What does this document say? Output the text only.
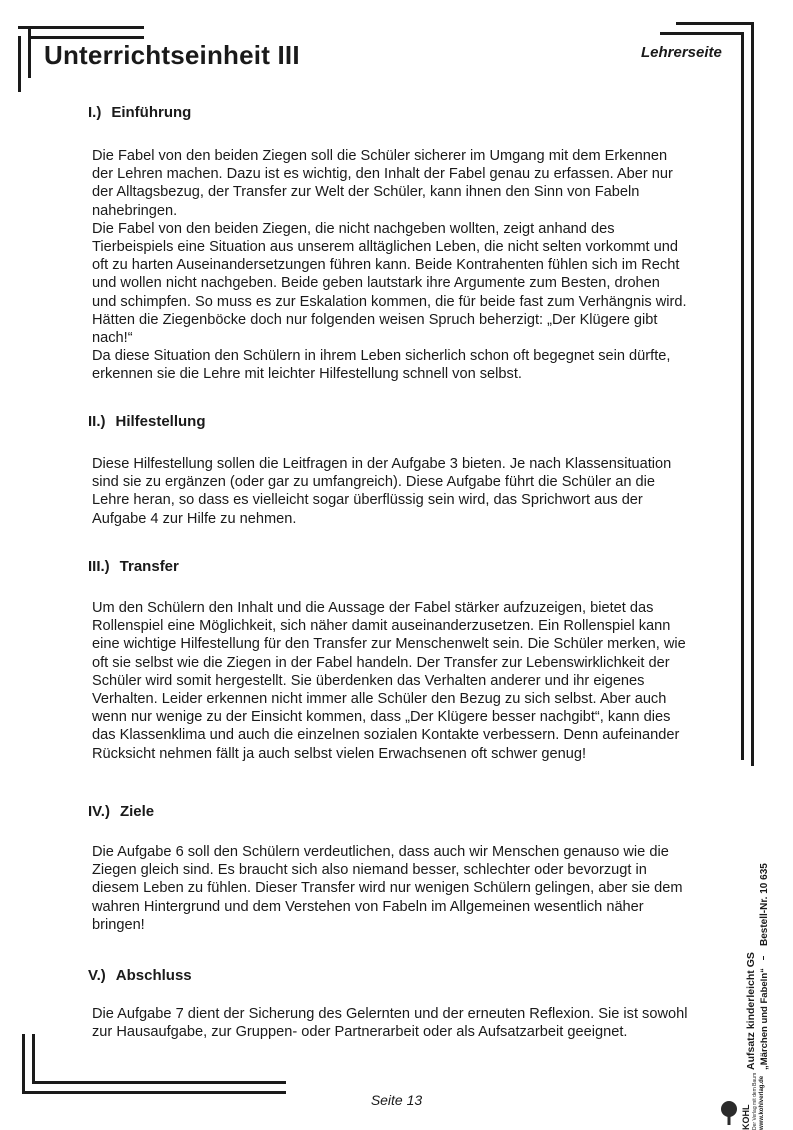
Unterrichtseinheit III	Lehrerseite
I.) Einführung

Die Fabel von den beiden Ziegen soll die Schüler sicherer im Umgang mit dem Erkennen der Lehren machen. Dazu ist es wichtig, den Inhalt der Fabel genau zu erfassen. Aber nur der Alltagsbezug, der Transfer zur Welt der Schüler, kann ihnen den Sinn von Fabeln nahebringen.
Die Fabel von den beiden Ziegen, die nicht nachgeben wollten, zeigt anhand des Tierbeispiels eine Situation aus unserem alltäglichen Leben, die nicht selten vorkommt und oft zu harten Auseinandersetzungen führen kann. Beide Kontrahenten fühlen sich im Recht und wollen nicht nachgeben. Beide geben lautstark ihre Argumente zum Besten, drohen und schimpfen. So muss es zur Eskalation kommen, die für beide fast zum Verhängnis wird. Hätten die Ziegenböcke doch nur folgenden weisen Spruch beherzigt: „Der Klügere gibt nach!“
Da diese Situation den Schülern in ihrem Leben sicherlich schon oft begegnet sein dürfte, erkennen sie die Lehre mit leichter Hilfestellung schnell von selbst.

II.) Hilfestellung

Diese Hilfestellung sollen die Leitfragen in der Aufgabe 3 bieten. Je nach Klassensituation sind sie zu ergänzen (oder gar zu umfangreich). Diese Aufgabe führt die Schüler an die Lehre heran, so dass es vielleicht sogar überflüssig sein wird, das Sprichwort aus der Aufgabe 4 zur Hilfe zu nehmen.

III.) Transfer

Um den Schülern den Inhalt und die Aussage der Fabel stärker aufzuzeigen, bietet das Rollenspiel eine Möglichkeit, sich näher damit auseinanderzusetzen. Ein Rollenspiel kann eine wichtige Hilfestellung für den Transfer zur Menschenwelt sein. Die Schüler merken, wie oft sie selbst wie die Ziegen in der Fabel handeln. Der Transfer zur Lebenswirklichkeit der Schüler wird somit hergestellt. Sie überdenken das Verhalten anderer und ihr eigenes Verhalten. Leider erkennen nicht immer alle Schüler den Bezug zu sich selbst. Aber auch wenn nur wenige zu der Einsicht kommen, dass „Der Klügere besser nachgibt“, kann dies das Klassenklima und auch die einzelnen sozialen Kontakte verbessern. Denn aufeinander Rücksicht nehmen fällt ja auch selbst vielen Erwachsenen oft schwer genug!

IV.) Ziele

Die Aufgabe 6 soll den Schülern verdeutlichen, dass auch wir Menschen genauso wie die Ziegen gleich sind. Es braucht sich also niemand besser, schlechter oder bevorzugt in diesem Leben zu fühlen. Dieser Transfer wird nur wenigen Schülern gelingen, aber sie dem wahren Hintergrund und dem Verstehen von Fabeln im Allgemeinen wesentlich näher bringen!

V.) Abschluss

Die Aufgabe 7 dient der Sicherung des Gelernten und der erneuten Reflexion. Sie ist sowohl zur Hausaufgabe, zur Gruppen- oder Partnerarbeit oder als Aufsatzarbeit geeignet.

Seite 13
KOHL Der Verlag mit dem Baum www.kohlverlag.de
Aufsatz kinderleicht GS „Märchen und Fabeln“
Bestell-Nr. 10 635
